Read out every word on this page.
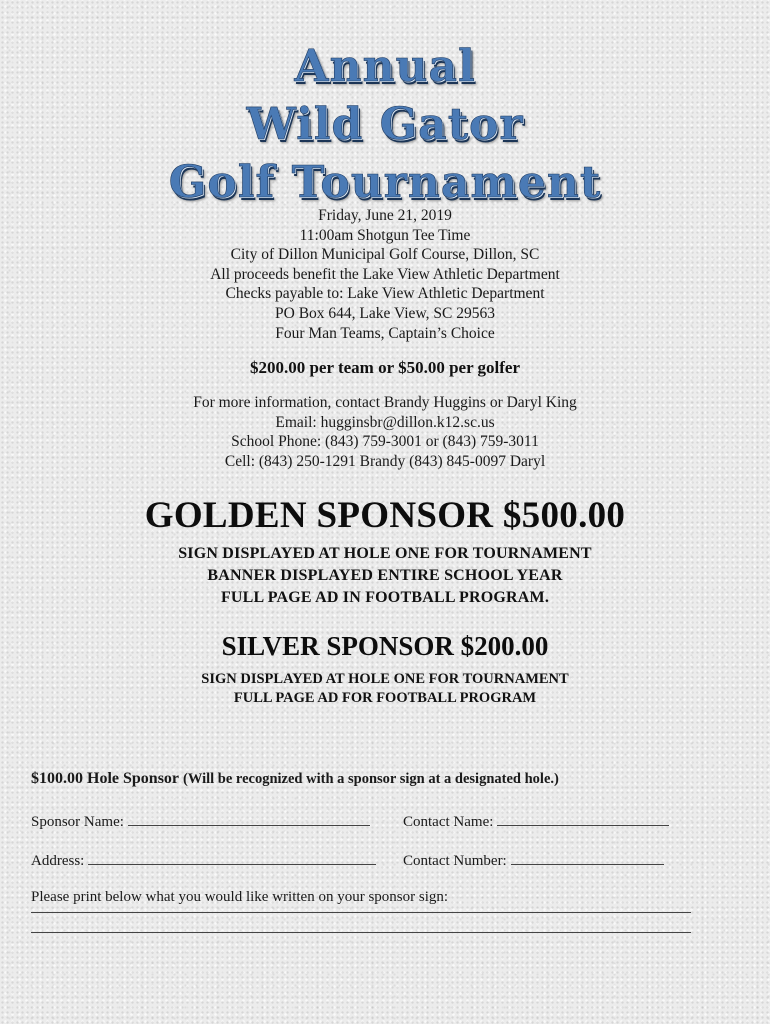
Annual
Wild Gator
Golf Tournament
Friday, June 21, 2019
11:00am Shotgun Tee Time
City of Dillon Municipal Golf Course, Dillon, SC
All proceeds benefit the Lake View Athletic Department
Checks payable to: Lake View Athletic Department
PO Box 644, Lake View, SC 29563
Four Man Teams, Captain’s Choice
$200.00 per team or $50.00 per golfer
For more information, contact Brandy Huggins or Daryl King
Email: hugginsbr@dillon.k12.sc.us
School Phone: (843) 759-3001 or (843) 759-3011
Cell: (843) 250-1291 Brandy (843) 845-0097 Daryl
GOLDEN SPONSOR $500.00
SIGN DISPLAYED AT HOLE ONE FOR TOURNAMENT
BANNER DISPLAYED ENTIRE SCHOOL YEAR
FULL PAGE AD IN FOOTBALL PROGRAM.
SILVER SPONSOR $200.00
SIGN DISPLAYED AT HOLE ONE FOR TOURNAMENT
FULL PAGE AD FOR FOOTBALL PROGRAM
$100.00 Hole Sponsor (Will be recognized with a sponsor sign at a designated hole.)
Sponsor Name:	Contact Name:
Address:	Contact Number:
Please print below what you would like written on your sponsor sign:
